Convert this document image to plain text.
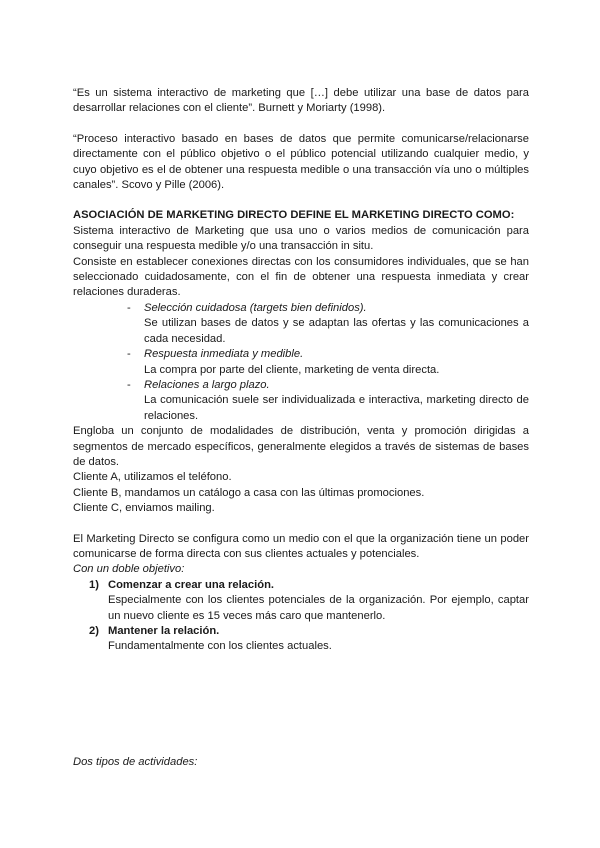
“Es un sistema interactivo de marketing que […] debe utilizar una base de datos para desarrollar relaciones con el cliente”. Burnett y Moriarty (1998).

“Proceso interactivo basado en bases de datos que permite comunicarse/relacionarse directamente con el público objetivo o el público potencial utilizando cualquier medio, y cuyo objetivo es el de obtener una respuesta medible o una transacción vía uno o múltiples canales”. Scovo y Pille (2006).

ASOCIACIÓN DE MARKETING DIRECTO DEFINE EL MARKETING DIRECTO COMO:

Sistema interactivo de Marketing que usa uno o varios medios de comunicación para conseguir una respuesta medible y/o una transacción in situ.

Consiste en establecer conexiones directas con los consumidores individuales, que se han seleccionado cuidadosamente, con el fin de obtener una respuesta inmediata y crear relaciones duraderas.

- Selección cuidadosa (targets bien definidos).
Se utilizan bases de datos y se adaptan las ofertas y las comunicaciones a cada necesidad.
- Respuesta inmediata y medible.
La compra por parte del cliente, marketing de venta directa.
- Relaciones a largo plazo.
La comunicación suele ser individualizada e interactiva, marketing directo de relaciones.

Engloba un conjunto de modalidades de distribución, venta y promoción dirigidas a segmentos de mercado específicos, generalmente elegidos a través de sistemas de bases de datos.

Cliente A, utilizamos el teléfono.

Cliente B, mandamos un catálogo a casa con las últimas promociones.

Cliente C, enviamos mailing.

El Marketing Directo se configura como un medio con el que la organización tiene un poder comunicarse de forma directa con sus clientes actuales y potenciales.

Con un doble objetivo:

1) Comenzar a crear una relación.
Especialmente con los clientes potenciales de la organización. Por ejemplo, captar un nuevo cliente es 15 veces más caro que mantenerlo.
2) Mantener la relación.
Fundamentalmente con los clientes actuales.

Dos tipos de actividades:
